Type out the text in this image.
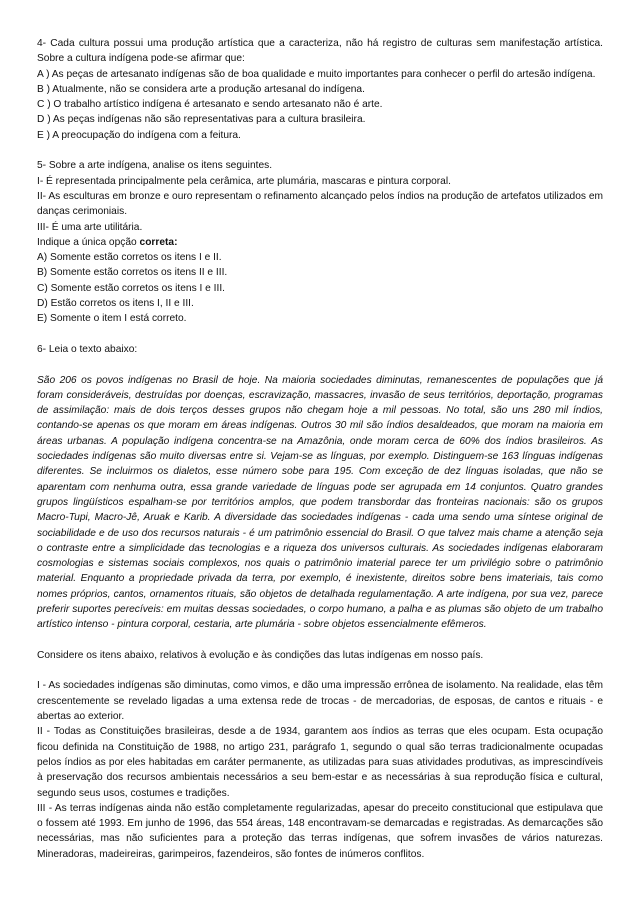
4- Cada cultura possui uma produção artística que a caracteriza, não há registro de culturas sem manifestação artística. Sobre a cultura indígena pode-se afirmar que:

A ) As peças de artesanato indígenas são de boa qualidade e muito importantes para conhecer o perfil do artesão indígena.

B ) Atualmente, não se considera arte a produção artesanal do indígena.

C ) O trabalho artístico indígena é artesanato e sendo artesanato não é arte.

D ) As peças indígenas não são representativas para a cultura brasileira.

E ) A preocupação do indígena com a feitura.

5- Sobre a arte indígena, analise os itens seguintes.

I- É representada principalmente pela cerâmica, arte plumária, mascaras e pintura corporal.

II- As esculturas em bronze e ouro representam o refinamento alcançado pelos índios na produção de artefatos utilizados em danças cerimoniais.

III- É uma arte utilitária.

Indique a única opção correta:

A) Somente estão corretos os itens I e II.

B) Somente estão corretos os itens II e III.

C) Somente estão corretos os itens I e III.

D) Estão corretos os itens I, II e III.

E) Somente o item I está correto.

6- Leia o texto abaixo:

São 206 os povos indígenas no Brasil de hoje. Na maioria sociedades diminutas, remanescentes de populações que já foram consideráveis, destruídas por doenças, escravização, massacres, invasão de seus territórios, deportação, programas de assimilação: mais de dois terços desses grupos não chegam hoje a mil pessoas. No total, são uns 280 mil índios, contando-se apenas os que moram em áreas indígenas. Outros 30 mil são índios desaldeados, que moram na maioria em áreas urbanas. A população indígena concentra-se na Amazônia, onde moram cerca de 60% dos índios brasileiros. As sociedades indígenas são muito diversas entre si. Vejam-se as línguas, por exemplo. Distinguem-se 163 línguas indígenas diferentes. Se incluirmos os dialetos, esse número sobe para 195. Com exceção de dez línguas isoladas, que não se aparentam com nenhuma outra, essa grande variedade de línguas pode ser agrupada em 14 conjuntos. Quatro grandes grupos lingüísticos espalham-se por territórios amplos, que podem transbordar das fronteiras nacionais: são os grupos Macro-Tupi, Macro-Jê, Aruak e Karib. A diversidade das sociedades indígenas - cada uma sendo uma síntese original de sociabilidade e de uso dos recursos naturais - é um patrimônio essencial do Brasil. O que talvez mais chame a atenção seja o contraste entre a simplicidade das tecnologias e a riqueza dos universos culturais. As sociedades indígenas elaboraram cosmologias e sistemas sociais complexos, nos quais o patrimônio imaterial parece ter um privilégio sobre o patrimônio material. Enquanto a propriedade privada da terra, por exemplo, é inexistente, direitos sobre bens imateriais, tais como nomes próprios, cantos, ornamentos rituais, são objetos de detalhada regulamentação. A arte indígena, por sua vez, parece preferir suportes perecíveis: em muitas dessas sociedades, o corpo humano, a palha e as plumas são objeto de um trabalho artístico intenso - pintura corporal, cestaria, arte plumária - sobre objetos essencialmente efêmeros.

Considere os itens abaixo, relativos à evolução e às condições das lutas indígenas em nosso país.

I - As sociedades indígenas são diminutas, como vimos, e dão uma impressão errônea de isolamento. Na realidade, elas têm crescentemente se revelado ligadas a uma extensa rede de trocas - de mercadorias, de esposas, de cantos e rituais - e abertas ao exterior.

II - Todas as Constituições brasileiras, desde a de 1934, garantem aos índios as terras que eles ocupam. Esta ocupação ficou definida na Constituição de 1988, no artigo 231, parágrafo 1, segundo o qual são terras tradicionalmente ocupadas pelos índios as por eles habitadas em caráter permanente, as utilizadas para suas atividades produtivas, as imprescindíveis à preservação dos recursos ambientais necessários a seu bem-estar e as necessárias à sua reprodução física e cultural, segundo seus usos, costumes e tradições.

III - As terras indígenas ainda não estão completamente regularizadas, apesar do preceito constitucional que estipulava que o fossem até 1993. Em junho de 1996, das 554 áreas, 148 encontravam-se demarcadas e registradas. As demarcações são necessárias, mas não suficientes para a proteção das terras indígenas, que sofrem invasões de vários naturezas. Mineradoras, madeireiras, garimpeiros, fazendeiros, são fontes de inúmeros conflitos.
